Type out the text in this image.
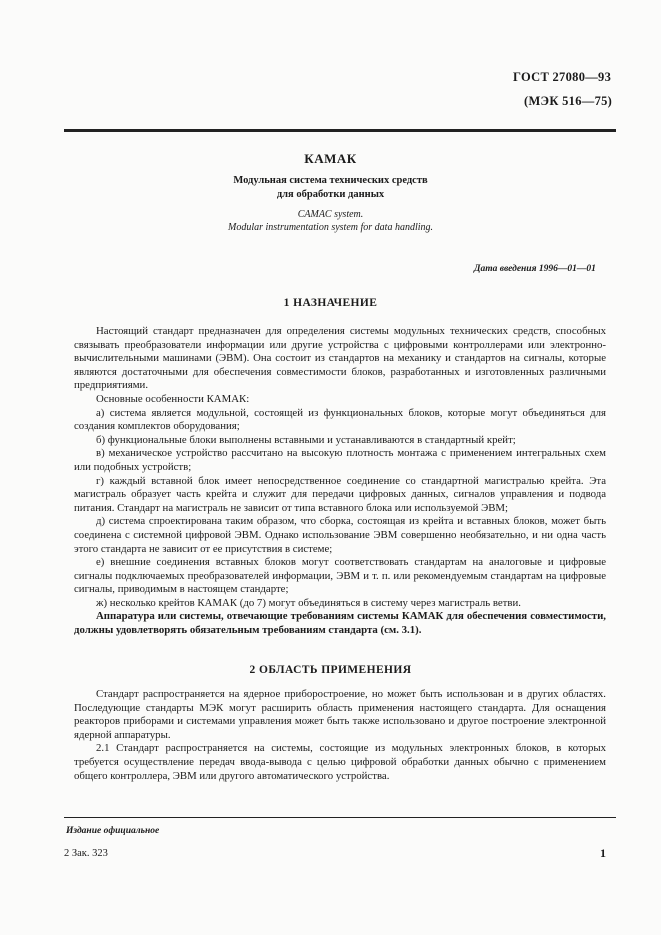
ГОСТ 27080—93
(МЭК 516—75)
КАМАК
Модульная система технических средств
для обработки данных
CAMAC system.
Modular instrumentation system for data handling.
Дата введения 1996—01—01
1 НАЗНАЧЕНИЕ

Настоящий стандарт предназначен для определения системы модульных технических средств, способных связывать преобразователи информации или другие устройства с цифровыми контроллерами или электронно-вычислительными машинами (ЭВМ). Она состоит из стандартов на механику и стандартов на сигналы, которые являются достаточными для обеспечения совместимости блоков, разработанных и изготовленных различными предприятиями.

Основные особенности КАМАК:

а) система является модульной, состоящей из функциональных блоков, которые могут объединяться для создания комплектов оборудования;

б) функциональные блоки выполнены вставными и устанавливаются в стандартный крейт;

в) механическое устройство рассчитано на высокую плотность монтажа с применением интегральных схем или подобных устройств;

г) каждый вставной блок имеет непосредственное соединение со стандартной магистралью крейта. Эта магистраль образует часть крейта и служит для передачи цифровых данных, сигналов управления и подвода питания. Стандарт на магистраль не зависит от типа вставного блока или используемой ЭВМ;

д) система спроектирована таким образом, что сборка, состоящая из крейта и вставных блоков, может быть соединена с системной цифровой ЭВМ. Однако использование ЭВМ совершенно необязательно, и ни одна часть этого стандарта не зависит от ее присутствия в системе;

е) внешние соединения вставных блоков могут соответствовать стандартам на аналоговые и цифровые сигналы подключаемых преобразователей информации, ЭВМ и т. п. или рекомендуемым стандартам на цифровые сигналы, приводимым в настоящем стандарте;

ж) несколько крейтов КАМАК (до 7) могут объединяться в систему через магистраль ветви.

Аппаратура или системы, отвечающие требованиям системы КАМАК для обеспечения совместимости, должны удовлетворять обязательным требованиям стандарта (см. 3.1).

2 ОБЛАСТЬ ПРИМЕНЕНИЯ

Стандарт распространяется на ядерное приборостроение, но может быть использован и в других областях. Последующие стандарты МЭК могут расширить область применения настоящего стандарта. Для оснащения реакторов приборами и системами управления может быть также использовано и другое построение электронной ядерной аппаратуры.

2.1 Стандарт распространяется на системы, состоящие из модульных электронных блоков, в которых требуется осуществление передач ввода-вывода с целью цифровой обработки данных обычно с применением общего контроллера, ЭВМ или другого автоматического устройства.

Издание официальное
2 Зак. 323	1
